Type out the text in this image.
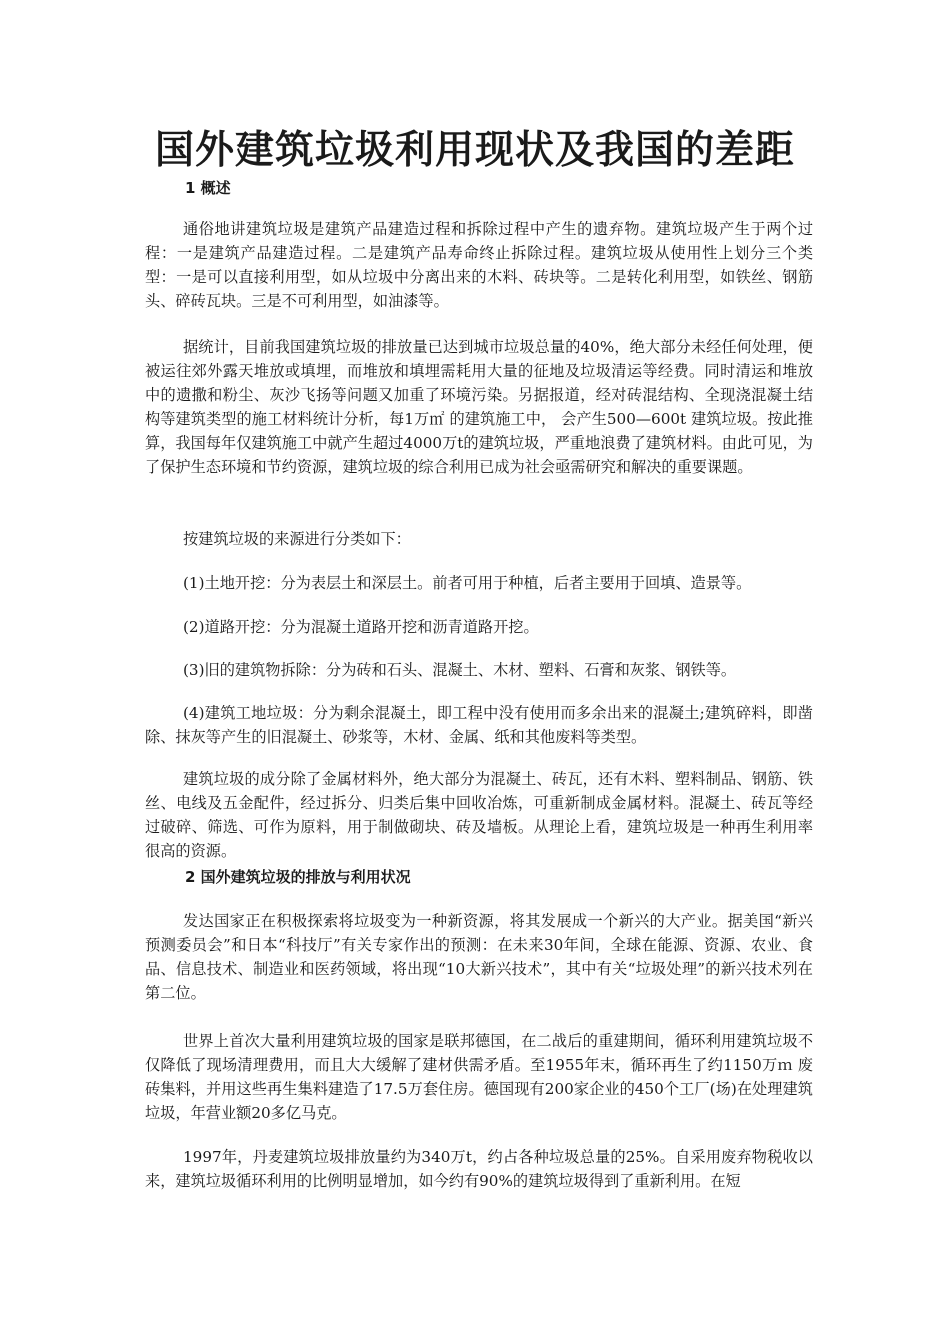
国外建筑垃圾利用现状及我国的差距
1 概述

通俗地讲建筑垃圾是建筑产品建造过程和拆除过程中产生的遗弃物。建筑垃圾产生于两个过程：一是建筑产品建造过程。二是建筑产品寿命终止拆除过程。建筑垃圾从使用性上划分三个类型：一是可以直接利用型，如从垃圾中分离出来的木料、砖块等。二是转化利用型，如铁丝、钢筋头、碎砖瓦块。三是不可利用型，如油漆等。

据统计，目前我国建筑垃圾的排放量已达到城市垃圾总量的40%，绝大部分未经任何处理，便被运往郊外露天堆放或填埋，而堆放和填埋需耗用大量的征地及垃圾清运等经费。同时清运和堆放中的遗撒和粉尘、灰沙飞扬等问题又加重了环境污染。另据报道，经对砖混结构、全现浇混凝土结构等建筑类型的施工材料统计分析，每1万㎡ 的建筑施工中， 会产生500—600t 建筑垃圾。按此推算，我国每年仅建筑施工中就产生超过4000万t的建筑垃圾，严重地浪费了建筑材料。由此可见，为了保护生态环境和节约资源，建筑垃圾的综合利用已成为社会亟需研究和解决的重要课题。

按建筑垃圾的来源进行分类如下：

(1)土地开挖：分为表层土和深层土。前者可用于种植，后者主要用于回填、造景等。

(2)道路开挖：分为混凝土道路开挖和沥青道路开挖。

(3)旧的建筑物拆除：分为砖和石头、混凝土、木材、塑料、石膏和灰浆、钢铁等。

(4)建筑工地垃圾：分为剩余混凝土，即工程中没有使用而多余出来的混凝土;建筑碎料，即凿除、抹灰等产生的旧混凝土、砂浆等，木材、金属、纸和其他废料等类型。

建筑垃圾的成分除了金属材料外，绝大部分为混凝土、砖瓦，还有木料、塑料制品、钢筋、铁丝、电线及五金配件，经过拆分、归类后集中回收冶炼，可重新制成金属材料。混凝土、砖瓦等经过破碎、筛选、可作为原料，用于制做砌块、砖及墙板。从理论上看，建筑垃圾是一种再生利用率很高的资源。

2 国外建筑垃圾的排放与利用状况

发达国家正在积极探索将垃圾变为一种新资源，将其发展成一个新兴的大产业。据美国“新兴预测委员会”和日本“科技厅”有关专家作出的预测：在未来30年间，全球在能源、资源、农业、食品、信息技术、制造业和医药领域，将出现“10大新兴技术”，其中有关“垃圾处理”的新兴技术列在第二位。

世界上首次大量利用建筑垃圾的国家是联邦德国，在二战后的重建期间，循环利用建筑垃圾不仅降低了现场清理费用，而且大大缓解了建材供需矛盾。至1955年末，循环再生了约1150万ｍ 废砖集料，并用这些再生集料建造了17.5万套住房。德国现有200家企业的450个工厂(场)在处理建筑垃圾，年营业额20多亿马克。

1997年，丹麦建筑垃圾排放量约为340万t，约占各种垃圾总量的25%。自采用废弃物税收以来，建筑垃圾循环利用的比例明显增加，如今约有90%的建筑垃圾得到了重新利用。在短
